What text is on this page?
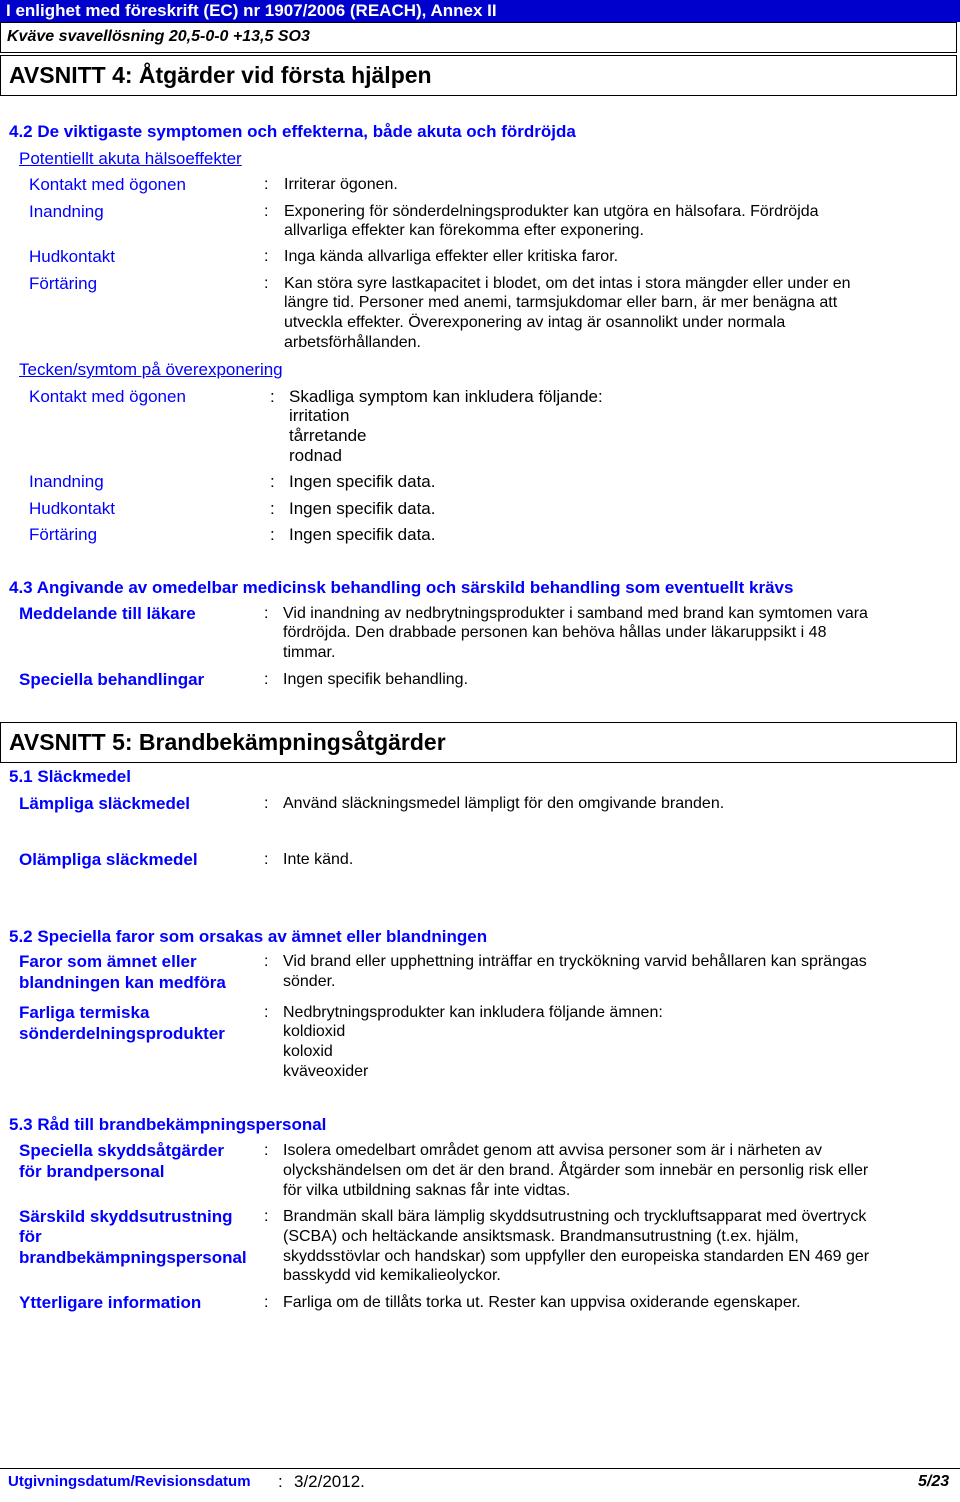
I enlighet med föreskrift (EC) nr 1907/2006 (REACH), Annex II
Kväve svavellösning 20,5-0-0 +13,5 SO3
AVSNITT 4: Åtgärder vid första hjälpen
4.2 De viktigaste symptomen och effekterna, både akuta och fördröjda
Potentiellt akuta hälsoeffekter
Kontakt med ögonen	: Irriterar ögonen.
Inandning	: Exponering för sönderdelningsprodukter kan utgöra en hälsofara. Fördröjda
allvarliga effekter kan förekomma efter exponering.
Hudkontakt	: Inga kända allvarliga effekter eller kritiska faror.
Förtäring	: Kan störa syre lastkapacitet i blodet, om det intas i stora mängder eller under en
längre tid. Personer med anemi, tarmsjukdomar eller barn, är mer benägna att
utveckla effekter. Överexponering av intag är osannolikt under normala
arbetsförhållanden.
Tecken/symtom på överexponering
Kontakt med ögonen	: Skadliga symptom kan inkludera följande:
irritation
tårretande
rodnad
Inandning	: Ingen specifik data.
Hudkontakt	: Ingen specifik data.
Förtäring	: Ingen specifik data.
4.3 Angivande av omedelbar medicinsk behandling och särskild behandling som eventuellt krävs
Meddelande till läkare	: Vid inandning av nedbrytningsprodukter i samband med brand kan symtomen vara
fördröjda. Den drabbade personen kan behöva hållas under läkaruppsikt i 48
timmar.
Speciella behandlingar	: Ingen specifik behandling.
AVSNITT 5: Brandbekämpningsåtgärder
5.1 Släckmedel
Lämpliga släckmedel	: Använd släckningsmedel lämpligt för den omgivande branden.
Olämpliga släckmedel	: Inte känd.
5.2 Speciella faror som orsakas av ämnet eller blandningen
Faror som ämnet eller
blandningen kan medföra
: Vid brand eller upphettning inträffar en tryckökning varvid behållaren kan sprängas
sönder.
Farliga termiska
sönderdelningsprodukter
: Nedbrytningsprodukter kan inkludera följande ämnen:
koldioxid
koloxid
kväveoxider
5.3 Råd till brandbekämpningspersonal
Speciella skyddsåtgärder
för brandpersonal
: Isolera omedelbart området genom att avvisa personer som är i närheten av
olyckshändelsen om det är den brand. Åtgärder som innebär en personlig risk eller
för vilka utbildning saknas får inte vidtas.
Särskild skyddsutrustning
för
brandbekämpningspersonal
: Brandmän skall bära lämplig skyddsutrustning och tryckluftsapparat med övertryck
(SCBA) och heltäckande ansiktsmask. Brandmansutrustning (t.ex. hjälm,
skyddsstövlar och handskar) som uppfyller den europeiska standarden EN 469 ger
basskydd vid kemikalieolyckor.
Ytterligare information	: Farliga om de tillåts torka ut. Rester kan uppvisa oxiderande egenskaper.
Utgivningsdatum/Revisionsdatum : 3/2/2012.	5/23
